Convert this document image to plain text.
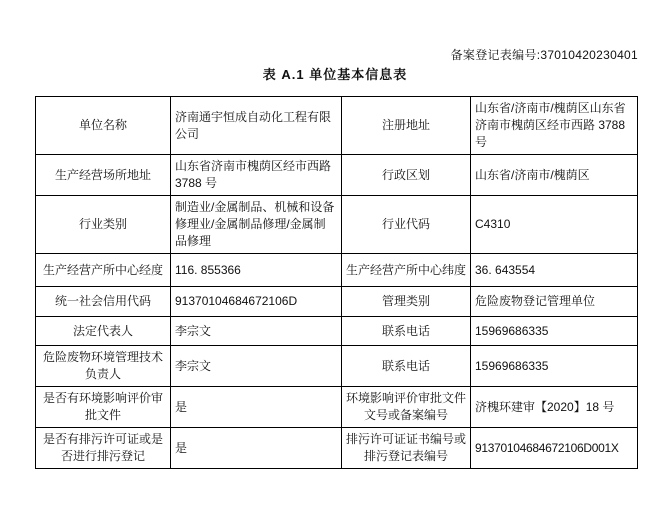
备案登记表编号:37010420230401
表 A.1 单位基本信息表
单位名称	济南通宇恒成自动化工程有限公司	注册地址	山东省/济南市/槐荫区山东省济南市槐荫区经市西路 3788 号
生产经营场所地址	山东省济南市槐荫区经市西路 3788 号	行政区划	山东省/济南市/槐荫区
行业类别	制造业/金属制品、机械和设备修理业/金属制品修理/金属制品修理	行业代码	C4310
生产经营产所中心经度	116. 855366	生产经营产所中心纬度	36. 643554
统一社会信用代码	91370104684672106D	管理类别	危险废物登记管理单位
法定代表人	李宗文	联系电话	15969686335
危险废物环境管理技术负责人	李宗文	联系电话	15969686335
是否有环境影响评价审批文件	是	环境影响评价审批文件文号或备案编号	济槐环建审【2020】18 号
是否有排污许可证或是否进行排污登记	是	排污许可证证书编号或排污登记表编号	91370104684672106D001X
